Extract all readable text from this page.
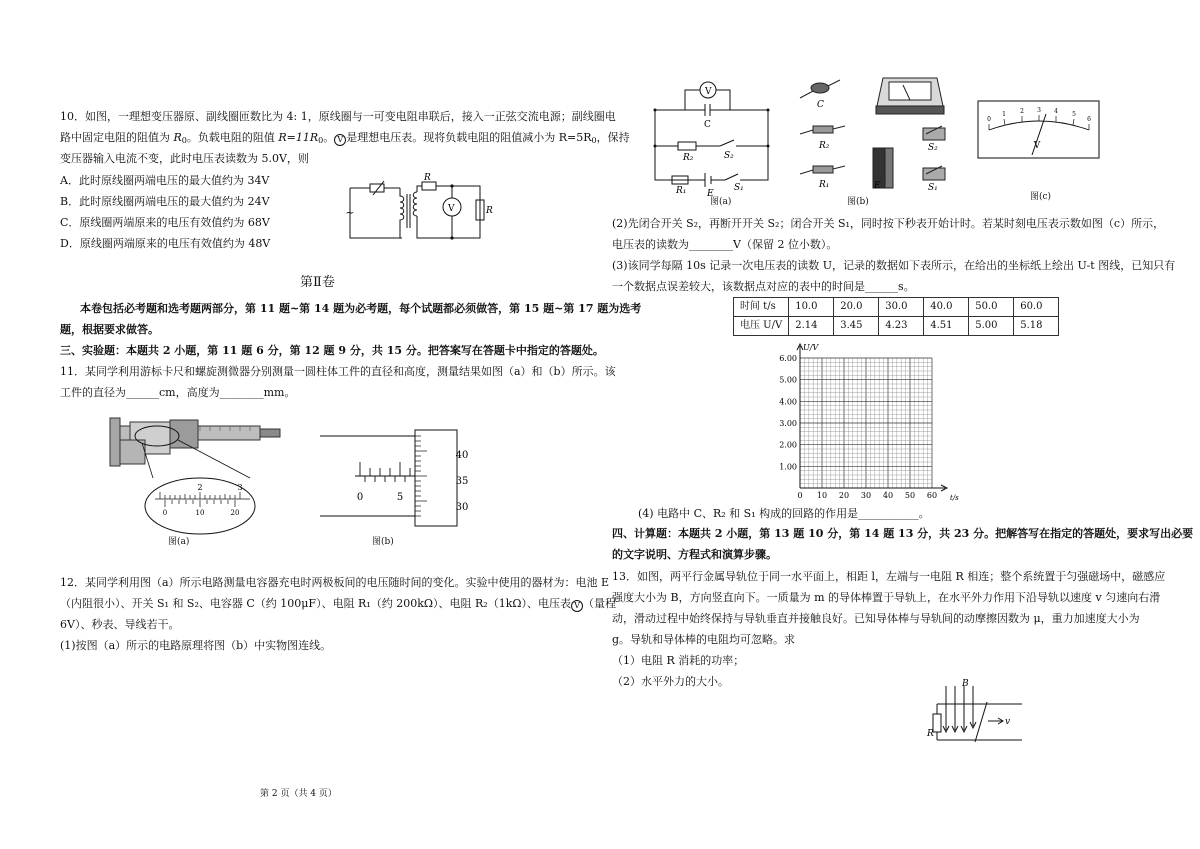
10．如图，一理想变压器原、副线圈匝数比为 4: 1，原线圈与一可变电阻串联后，接入一正弦交流电源；副线圈电
路中固定电阻的阻值为 $R_0$。负载电阻的阻值 $R=11R_0$。 V 是理想电压表。现将负载电阻的阻值减小为 $R=5R_0$，保持
变压器输入电流不变，此时电压表读数为 5.0V，则
A．此时原线圈两端电压的最大值约为 34V
B．此时原线圈两端电压的最大值约为 24V
C．原线圈两端原来的电压有效值约为 68V
D．原线圈两端原来的电压有效值约为 48V
~
R
V	R
第Ⅱ卷
本卷包括必考题和选考题两部分，第 11 题~第 14 题为必考题，每个试题都必须做答，第 15 题~第 17 题为选考
题，根据要求做答。
三、实验题：本题共 2 小题，第 11 题 6 分，第 12 题 9 分，共 15 分。把答案写在答题卡中指定的答题处。
11．某同学利用游标卡尺和螺旋测微器分别测量一圆柱体工件的直径和高度，测量结果如图（a）和（b）所示。该
工件的直径为______cm，高度为________mm。
2	3
0	10	20
图(a)
0	5
40
35
30
图(b)
12．某同学利用图（a）所示电路测量电容器充电时两极板间的电压随时间的变化。实验中使用的器材为：电池 E
（内阻很小）、开关 S₁ 和 S₂、电容器 C（约 100μF）、电阻 R₁（约 200kΩ）、电阻 R₂（1kΩ）、电压表 V （量程
6V）、秒表、导线若干。
(1)按图（a）所示的电路原理将图（b）中实物图连线。
V
C
R₂	S₂
R₁ E
S₁
图(a)
C
R₂
R₁	E
S₂
S₁
图(b)
0
1 2 3 4 5
6
V
图(c)
(2)先闭合开关 S₂，再断开开关 S₂；闭合开关 S₁，同时按下秒表开始计时。若某时刻电压表示数如图（c）所示，
电压表的读数为________V（保留 2 位小数）。
(3)该同学每隔 10s 记录一次电压表的读数 U，记录的数据如下表所示，在给出的坐标纸上绘出 U-t 图线，已知只有
一个数据点误差较大，该数据点对应的表中的时间是______s。
时间 t/s	10.0	20.0	30.0	40.0	50.0	60.0
电压 U/V	2.14	3.45	4.23	4.51	5.00	5.18
1.00
2.00
3.00
4.00
5.00
6.00
0 10 20 30 40 50 60
U/V
t/s
(4) 电路中 C、R₂ 和 S₁ 构成的回路的作用是___________。
四、计算题：本题共 2 小题，第 13 题 10 分，第 14 题 13 分，共 23 分。把解答写在指定的答题处，要求写出必要
的文字说明、方程式和演算步骤。
13．如图，两平行金属导轨位于同一水平面上，相距 l，左端与一电阻 R 相连；整个系统置于匀强磁场中，磁感应
强度大小为 B，方向竖直向下。一质量为 m 的导体棒置于导轨上，在水平外力作用下沿导轨以速度 v 匀速向右滑
动，滑动过程中始终保持与导轨垂直并接触良好。已知导体棒与导轨间的动摩擦因数为 μ，重力加速度大小为
g。导轨和导体棒的电阻均可忽略。求
（1）电阻 R 消耗的功率；
（2）水平外力的大小。	B
R
v
第 2 页（共 4 页）
